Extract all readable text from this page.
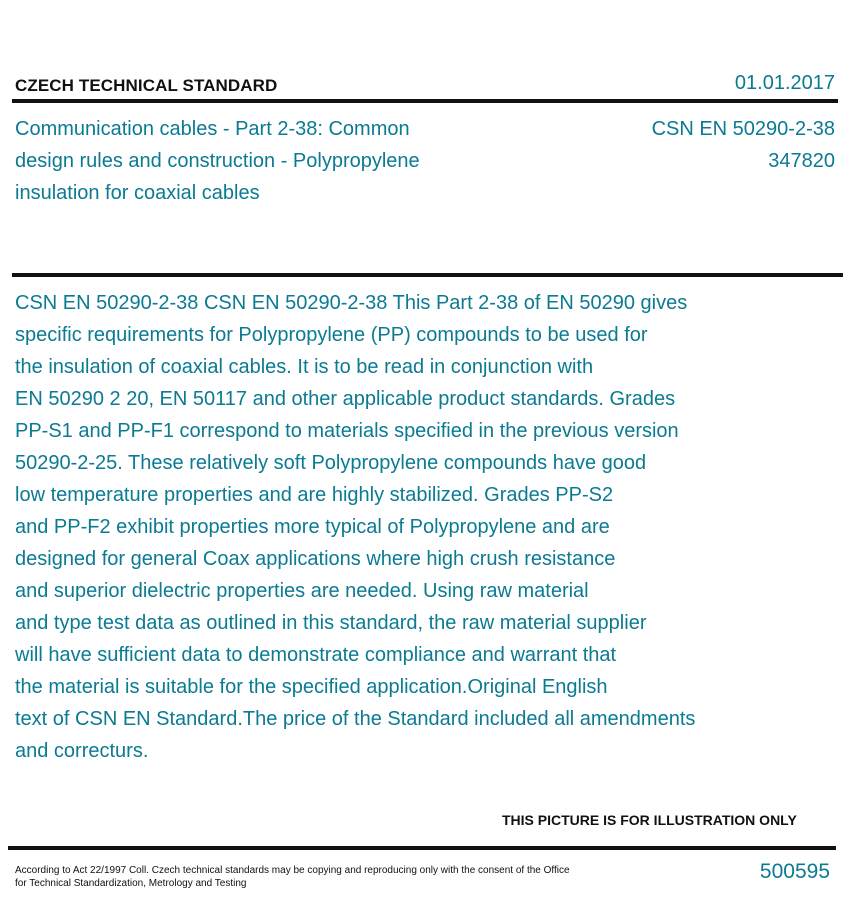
CZECH TECHNICAL STANDARD	01.01.2017
Communication cables - Part 2-38: Common
design rules and construction - Polypropylene
insulation for coaxial cables
CSN EN 50290-2-38
347820
CSN EN 50290-2-38 CSN EN 50290-2-38 This Part 2-38 of EN 50290 gives
specific requirements for Polypropylene (PP) compounds to be used for
the insulation of coaxial cables. It is to be read in conjunction with
EN 50290 2 20, EN 50117 and other applicable product standards. Grades
PP-S1 and PP-F1 correspond to materials specified in the previous version
50290-2-25. These relatively soft Polypropylene compounds have good
low temperature properties and are highly stabilized. Grades PP-S2
and PP-F2 exhibit properties more typical of Polypropylene and are
designed for general Coax applications where high crush resistance
and superior dielectric properties are needed. Using raw material
and type test data as outlined in this standard, the raw material supplier
will have sufficient data to demonstrate compliance and warrant that
the material is suitable for the specified application.Original English
text of CSN EN Standard.The price of the Standard included all amendments
and correcturs.
THIS PICTURE IS FOR ILLUSTRATION ONLY
According to Act 22/1997 Coll. Czech technical standards may be copying and reproducing only with the consent of the Office
for Technical Standardization, Metrology and Testing
500595
